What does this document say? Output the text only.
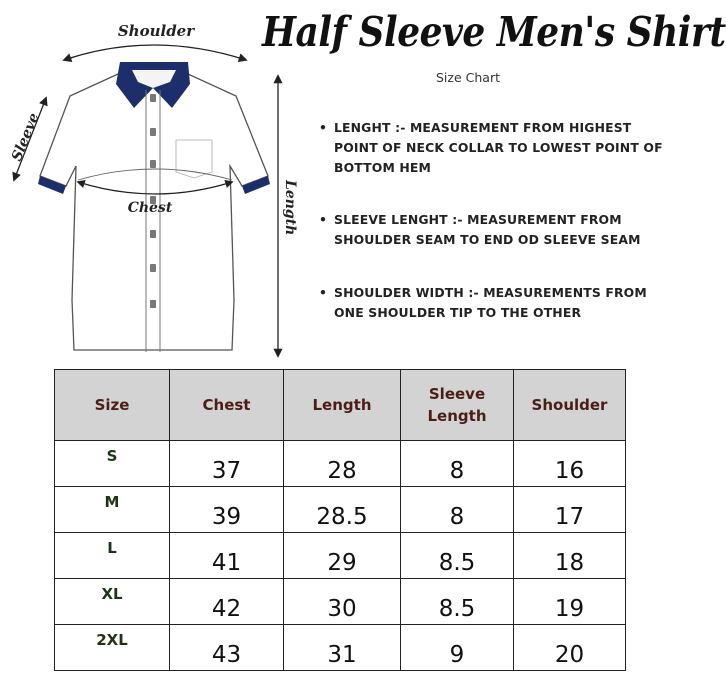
Shoulder
Sleeve
Chest	Length
Half Sleeve Men's Shirt
Size Chart
• LENGHT :- MEASUREMENT FROM HIGHEST POINT OF NECK COLLAR TO LOWEST POINT OF BOTTOM HEM
• SLEEVE LENGHT :- MEASUREMENT FROM SHOULDER SEAM TO END OD SLEEVE SEAM
• SHOULDER WIDTH :- MEASUREMENTS FROM ONE SHOULDER TIP TO THE OTHER
Size	Chest	Length	Sleeve Length	Shoulder
S	37	28	8	16
M	39	28.5	8	17
L	41	29	8.5	18
XL	42	30	8.5	19
2XL	43	31	9	20
